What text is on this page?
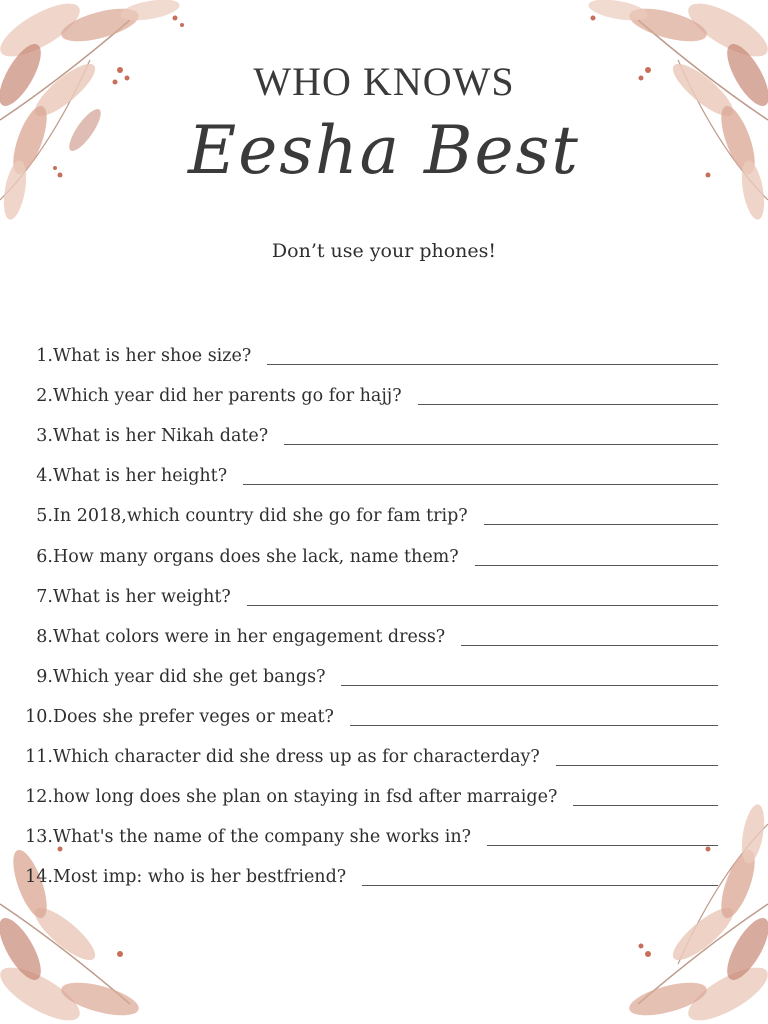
WHO KNOWS
Eesha Best
Don’t use your phones!
1. What is her shoe size?
2. Which year did her parents go for hajj?
3. What is her Nikah date?
4. What is her height?
5. In 2018,which country did she go for fam trip?
6. How many organs does she lack, name them?
7. What is her weight?
8. What colors were in her engagement dress?
9. Which year did she get bangs?
10. Does she prefer veges or meat?
11. Which character did she dress up as for characterday?
12. how long does she plan on staying in fsd after marraige?
13. What's the name of the company she works in?
14. Most imp: who is her bestfriend?
